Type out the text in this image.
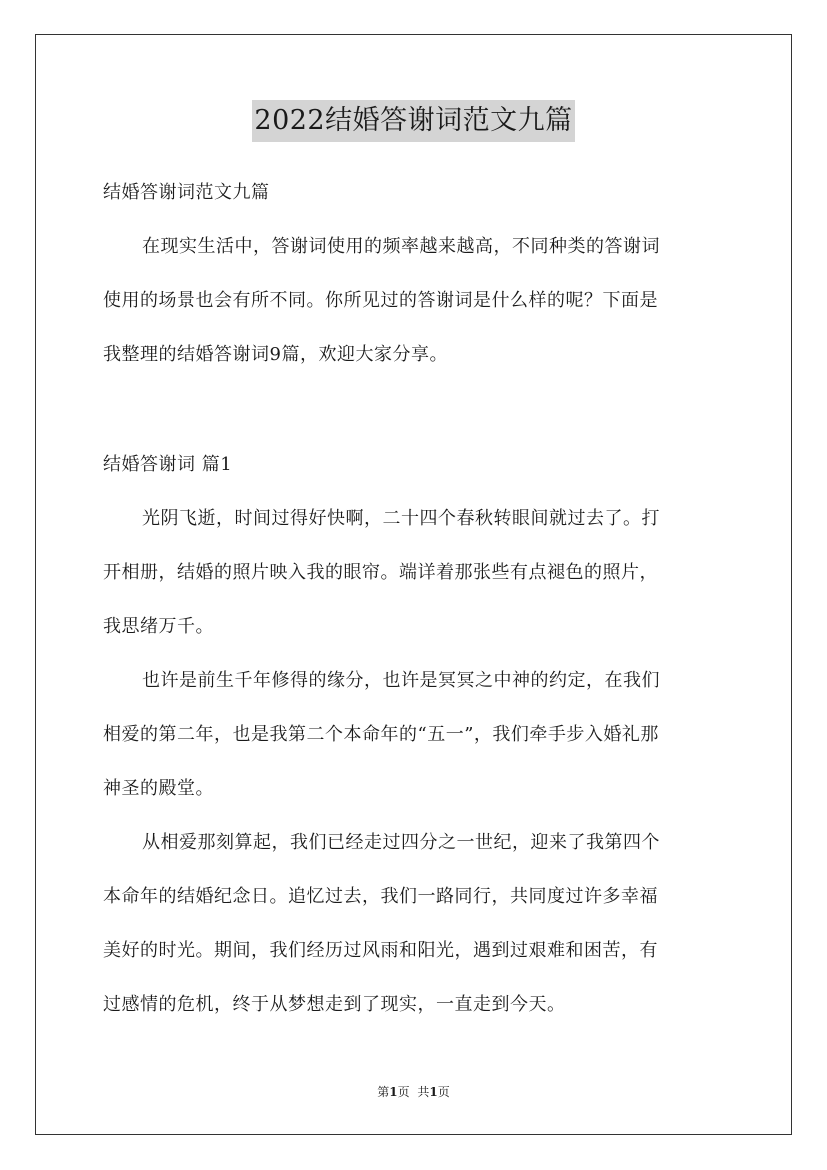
2022结婚答谢词范文九篇
结婚答谢词范文九篇
在现实生活中，答谢词使用的频率越来越高，不同种类的答谢词
使用的场景也会有所不同。你所见过的答谢词是什么样的呢？下面是
我整理的结婚答谢词9篇，欢迎大家分享。
结婚答谢词 篇1
光阴飞逝，时间过得好快啊，二十四个春秋转眼间就过去了。打
开相册，结婚的照片映入我的眼帘。端详着那张些有点褪色的照片，
我思绪万千。
也许是前生千年修得的缘分，也许是冥冥之中神的约定，在我们
相爱的第二年，也是我第二个本命年的“五一”，我们牵手步入婚礼那
神圣的殿堂。
从相爱那刻算起，我们已经走过四分之一世纪，迎来了我第四个
本命年的结婚纪念日。追忆过去，我们一路同行，共同度过许多幸福
美好的时光。期间，我们经历过风雨和阳光，遇到过艰难和困苦，有
过感情的危机，终于从梦想走到了现实，一直走到今天。
第1页 共1页
